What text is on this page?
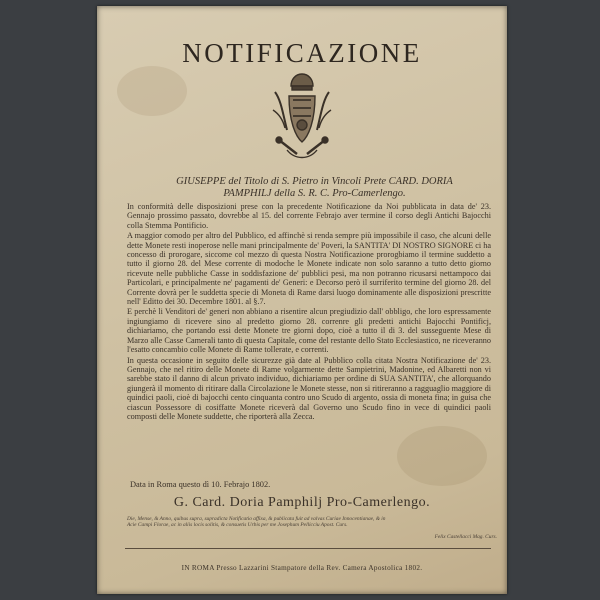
NOTIFICAZIONE
GIUSEPPE del Titolo di S. Pietro in Vincoli Prete CARD. DORIA PAMPHILJ della S. R. C. Pro-Camerlengo.

In conformità delle disposizioni prese con la precedente Notificazione da Noi pubblicata in data de' 23. Gennajo prossimo passato, dovrebbe al 15. del corrente Febrajo aver termine il corso degli Antichi Bajocchi colla Stemma Pontificio.

A maggior comodo per altro del Pubblico, ed affinchè si renda sempre più impossibile il caso, che alcuni delle dette Monete resti inoperose nelle mani principalmente de' Poveri, la SANTITA' DI NOSTRO SIGNORE ci ha concesso di prorogare, siccome col mezzo di questa Nostra Notificazione prorogbiamo il termine suddetto a tutto il giorno 28. del Mese corrente di modoche le Monete indicate non solo saranno a tutto detto giorno ricevute nelle pubbliche Casse in soddisfazione de' pubblici pesi, ma non potranno ricusarsi nettampoco dai Particolari, e principalmente ne' pagamenti de' Generi: e Decorso però il surriferito termine del giorno 28. del Corrente dovrà per le suddetta specie di Moneta di Rame darsi luogo dominamente alle disposizioni prescritte nell' Editto dei 30. Decembre 1801. al §.7.

E perchè li Venditori de' generi non abbiano a risentire alcun pregiudizio dall' obbligo, che loro espressamente ingiungiamo di ricevere sino al predetto giorno 28. correnre gli predetti antichi Bajocchi Pontificj, dichiariamo, che portando essi dette Monete tre giorni dopo, cioè a tutto il di 3. del susseguente Mese di Marzo alle Casse Camerali tanto di questa Capitale, come del restante dello Stato Ecclesiastico, ne riceveranno l'esatto concambio colle Monete di Rame tollerate, e correnti.

In questa occasione in seguito delle sicurezze già date al Pubblico colla citata Nostra Notificazione de' 23. Gennajo, che nel ritiro delle Monete di Rame volgarmente dette Sampietrini, Madonine, ed Albaretti non vi sarebbe stato il danno di alcun privato individuo, dichiariamo per ordine di SUA SANTITA', che allorquando giungerà il momento di ritirare dalla Circolazione le Monete stesse, non si ritireranno a ragguaglio maggiore di quindici paoli, cioè di bajocchi cento cinquanta contro uno Scudo di argento, ossia di moneta fina; in guisa che ciascun Possessore di cosiffatte Monete riceverà dal Governo uno Scudo fino in vece di quindici paoli composti delle Monete suddette, che riporterà alla Zecca.

Data in Roma questo dì 10. Febrajo 1802.
G. Card. Doria Pamphilj Pro-Camerlengo.
Die, Mense, & Anno, quibus supra, supradicta Notificatio affixa, & publicata fuit ad valvas Curiae Innocentianae, & in Acie Campi Florae, ac in aliis locis solitis, & consuetis Urbis per me Josephum Pellicciu Apost. Curs.
Felix Castellacci Mag. Curs.
IN ROMA Presso Lazzarini Stampatore della Rev. Camera Apostolica 1802.
